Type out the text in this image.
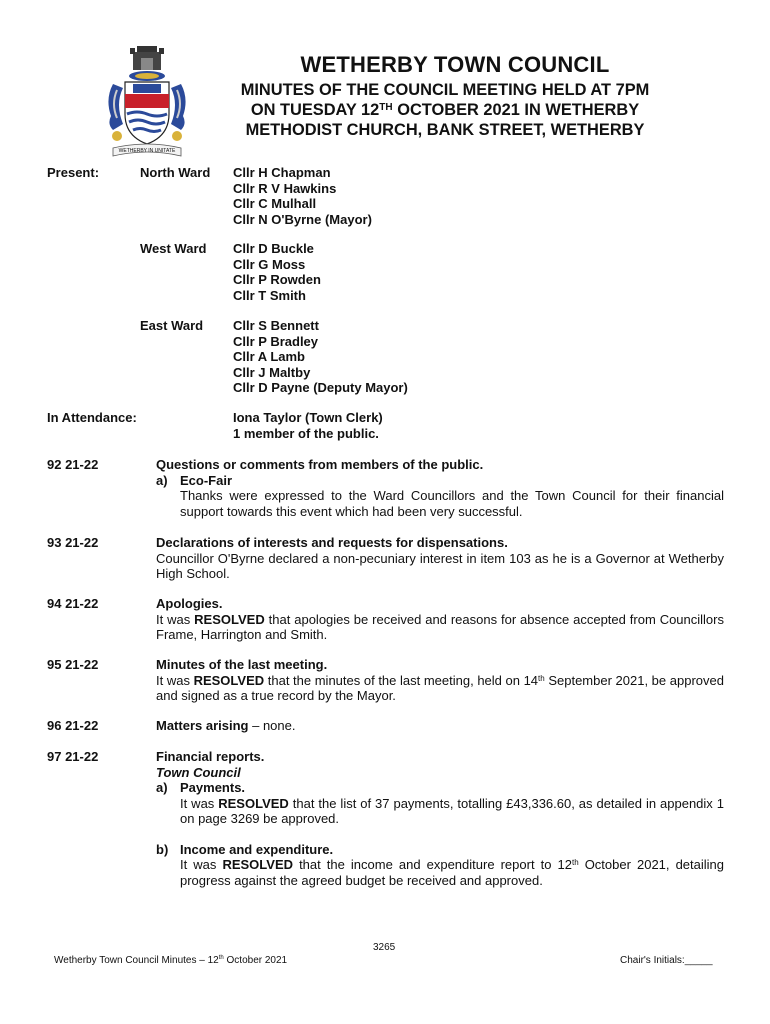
WETHERBY IN UNITATE
WETHERBY TOWN COUNCIL
MINUTES OF THE COUNCIL MEETING HELD AT 7PM
ON TUESDAY 12TH OCTOBER 2021 IN WETHERBY
METHODIST CHURCH, BANK STREET, WETHERBY
Present:	North Ward Cllr H Chapman
Cllr R V Hawkins
Cllr C Mulhall
Cllr N O'Byrne (Mayor)
West Ward Cllr D Buckle
Cllr G Moss
Cllr P Rowden
Cllr T Smith
East Ward Cllr S Bennett
Cllr P Bradley
Cllr A Lamb
Cllr J Maltby
Cllr D Payne (Deputy Mayor)
In Attendance:	Iona Taylor (Town Clerk)
1 member of the public.
92 21-22	Questions or comments from members of the public.
a) Eco-Fair
Thanks were expressed to the Ward Councillors and the Town Council for their financial support towards this event which had been very successful.
93 21-22	Declarations of interests and requests for dispensations.
Councillor O'Byrne declared a non-pecuniary interest in item 103 as he is a Governor at Wetherby High School.
94 21-22	Apologies.
It was RESOLVED that apologies be received and reasons for absence accepted from Councillors Frame, Harrington and Smith.
95 21-22	Minutes of the last meeting.
It was RESOLVED that the minutes of the last meeting, held on 14th September 2021, be approved and signed as a true record by the Mayor.
96 21-22	Matters arising – none.
97 21-22	Financial reports.
Town Council
a) Payments.
It was RESOLVED that the list of 37 payments, totalling £43,336.60, as detailed in appendix 1 on page 3269 be approved.
b) Income and expenditure.
It was RESOLVED that the income and expenditure report to 12th October 2021, detailing progress against the agreed budget be received and approved.
3265
Wetherby Town Council Minutes – 12th October 2021	Chair's Initials:_____
